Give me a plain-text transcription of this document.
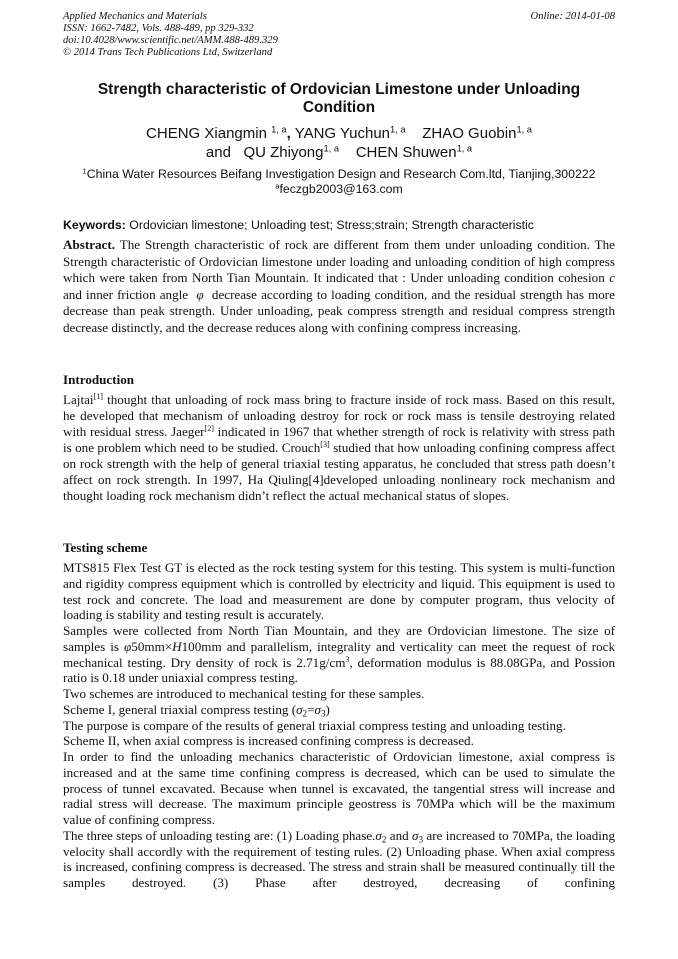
Applied Mechanics and Materials
ISSN: 1662-7482, Vols. 488-489, pp 329-332
doi:10.4028/www.scientific.net/AMM.488-489.329
© 2014 Trans Tech Publications Ltd, Switzerland
Online: 2014-01-08
Strength characteristic of Ordovician Limestone under Unloading Condition
CHENG Xiangmin $^{1, a}$, YANG Yuchun$^{1, a}$ ZHAO Guobin$^{1, a}$
and QU Zhiyong$^{1, a}$ CHEN Shuwen$^{1, a}$
$^1$China Water Resources Beifang Investigation Design and Research Com.ltd, Tianjing,300222
$^a$feczgb2003@163.com
Keywords: Ordovician limestone; Unloading test; Stress;strain; Strength characteristic

Abstract. The Strength characteristic of rock are different from them under unloading condition. The Strength characteristic of Ordovician limestone under loading and unloading condition of high compress which were taken from North Tian Mountain. It indicated that : Under unloading condition cohesion c and inner friction angle  φ  decrease according to loading condition, and the residual strength has more decrease than peak strength. Under unloading, peak compress strength and residual compress strength decrease distinctly, and the decrease reduces along with confining compress increasing.

Introduction

Lajtai[1] thought that unloading of rock mass bring to fracture inside of rock mass. Based on this result, he developed that mechanism of unloading destroy for rock or rock mass is tensile destroying related with residual stress. Jaeger[2] indicated in 1967 that whether strength of rock is relativity with stress path is one problem which need to be studied. Crouch[3] studied that how unloading confining compress affect on rock strength with the help of general triaxial testing apparatus, he concluded that stress path doesn’t affect on rock strength. In 1997, Ha Qiuling[4]developed unloading nonlineary rock mechanism and thought loading rock mechanism didn’t reflect the actual mechanical status of slopes.

Testing scheme

MTS815 Flex Test GT is elected as the rock testing system for this testing. This system is multi-function and rigidity compress equipment which is controlled by electricity and liquid. This equipment is used to test rock and concrete. The load and measurement are done by computer program, thus velocity of loading is stability and testing result is accurately.

Samples were collected from North Tian Mountain, and they are Ordovician limestone. The size of samples is φ50mm×H100mm and parallelism, integrality and verticality can meet the request of rock mechanical testing. Dry density of rock is $2.71g/cm^3$, deformation modulus is 88.08GPa, and Possion ratio is 0.18 under uniaxial compress testing.

Two schemes are introduced to mechanical testing for these samples.

Scheme I, general triaxial compress testing $(\sigma_2=\sigma_3)$

The purpose is compare of the results of general triaxial compress testing and unloading testing.

Scheme II, when axial compress is increased confining compress is decreased.

In order to find the unloading mechanics characteristic of Ordovician limestone, axial compress is increased and at the same time confining compress is decreased, which can be used to simulate the process of tunnel excavated. Because when tunnel is excavated, the tangential stress will increase and radial stress will decrease. The maximum principle geostress is 70MPa which will be the maximum value of confining compress.

The three steps of unloading testing are: (1) Loading $phase.\sigma_2$ and $\sigma_3$ are increased to 70MPa, the loading velocity shall accordly with the requirement of testing rules. (2) Unloading phase. When axial compress is increased, confining compress is decreased. The stress and strain shall be measured continually till the samples destroyed. (3) Phase after destroyed, decreasing of confining
